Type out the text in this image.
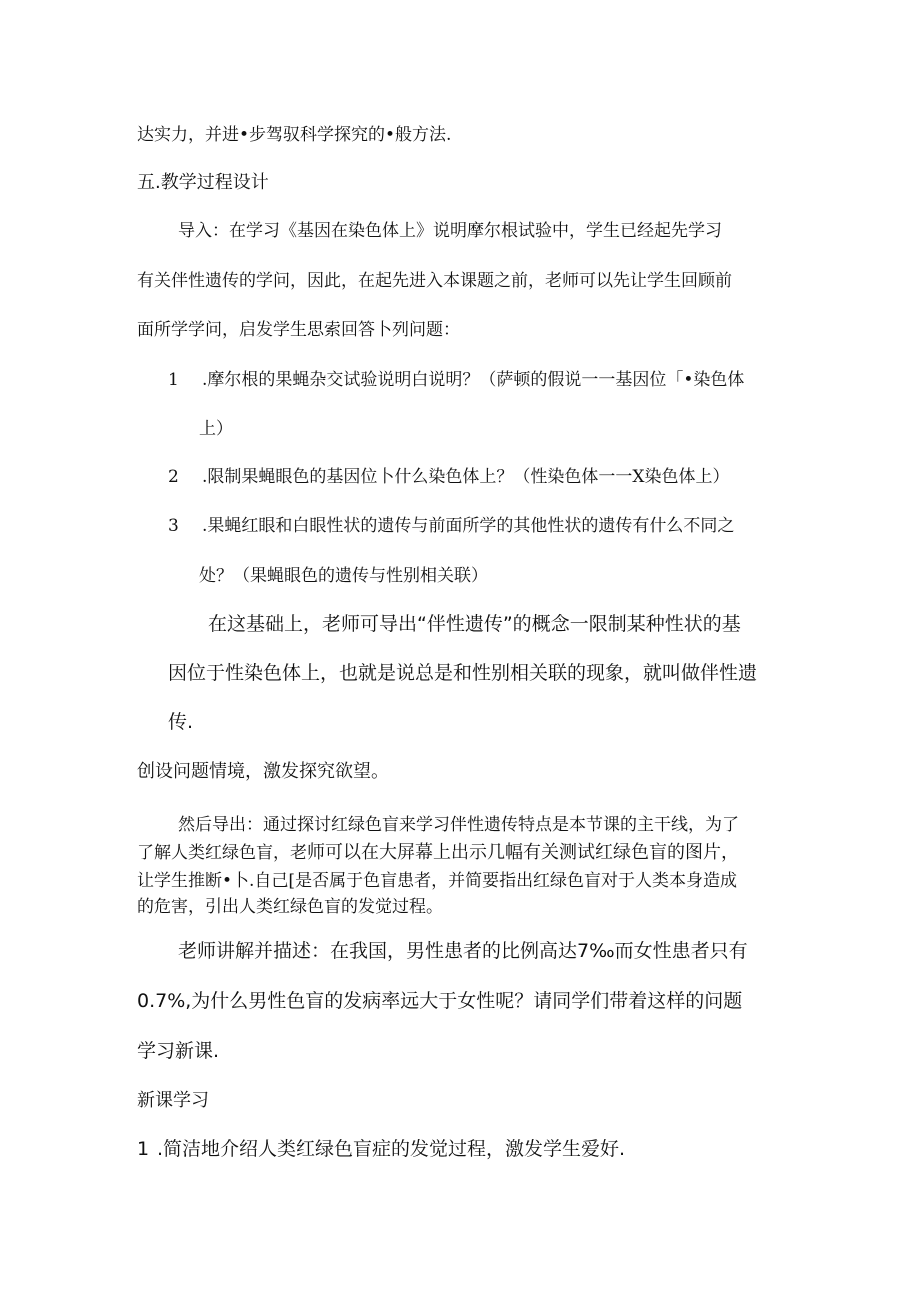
达实力，并进•步驾驭科学探究的•般方法.
五.教学过程设计
导入：在学习《基因在染色体上》说明摩尔根试验中，学生已经起先学习
有关伴性遗传的学问，因此，在起先进入本课题之前，老师可以先让学生回顾前
面所学学问，启发学生思索回答卜列问题：
1 .摩尔根的果蝇杂交试验说明白说明？（萨顿的假说一一基因位「•染色体
上）
2 .限制果蝇眼色的基因位卜什么染色体上？（性染色体一一X染色体上）
3 .果蝇红眼和白眼性状的遗传与前面所学的其他性状的遗传有什么不同之
处？（果蝇眼色的遗传与性别相关联）
在这基础上，老师可导出“伴性遗传”的概念一限制某种性状的基
因位于性染色体上，也就是说总是和性别相关联的现象，就叫做伴性遗
传.
创设问题情境，激发探究欲望。
然后导出：通过探讨红绿色盲来学习伴性遗传特点是本节课的主干线，为了
了解人类红绿色盲，老师可以在大屏幕上出示几幅有关测试红绿色盲的图片，
让学生推断•卜.自己[是否属于色盲患者，并简要指出红绿色盲对于人类本身造成
的危害，引出人类红绿色盲的发觉过程。
老师讲解并描述：在我国，男性患者的比例高达7‰而女性患者只有
0.7%,为什么男性色盲的发病率远大于女性呢？请同学们带着这样的问题
学习新课.
新课学习
1 .简洁地介绍人类红绿色盲症的发觉过程，激发学生爱好.
